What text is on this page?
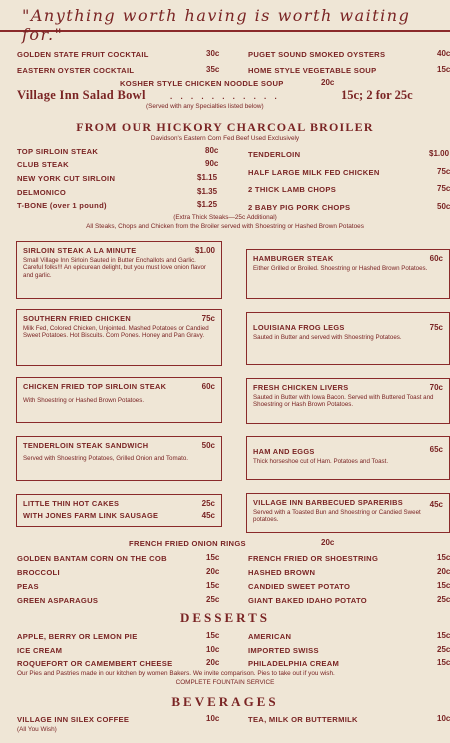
"Anything worth having is worth waiting for."
GOLDEN STATE FRUIT COCKTAIL	30c	PUGET SOUND SMOKED OYSTERS	40c
EASTERN OYSTER COCKTAIL	35c	HOME STYLE VEGETABLE SOUP	15c
KOSHER STYLE CHICKEN NOODLE SOUP	20c
Village Inn Salad Bowl	. . . . . . . . . . .	15c; 2 for 25c
(Served with any Specialties listed below)
FROM OUR HICKORY CHARCOAL BROILER
Davidson's Eastern Corn Fed Beef Used Exclusively
TOP SIRLOIN STEAK	80c
CLUB STEAK	90c
NEW YORK CUT SIRLOIN	$1.15
DELMONICO	$1.35
T-BONE (over 1 pound)	$1.25
TENDERLOIN	$1.00
HALF LARGE MILK FED CHICKEN	75c
2 THICK LAMB CHOPS	75c
2 BABY PIG PORK CHOPS	50c
(Extra Thick Steaks—25c Additional)
All Steaks, Chops and Chicken from the Broiler served with Shoestring or Hashed Brown Potatoes
SIRLOIN STEAK A LA MINUTE	$1.00
Small Village Inn Sirloin Sauted in Butter Enchallots and Garlic. Careful folks!!! An epicurean delight, but you must love onion flavor and garlic.
SOUTHERN FRIED CHICKEN	75c
Milk Fed, Colored Chicken, Unjointed. Mashed Potatoes or Candied Sweet Potatoes. Hot Biscuits. Corn Pones. Honey and Pan Gravy.
CHICKEN FRIED TOP SIRLOIN STEAK	60c
With Shoestring or Hashed Brown Potatoes.
TENDERLOIN STEAK SANDWICH	50c
Served with Shoestring Potatoes, Grilled Onion and Tomato.
LITTLE THIN HOT CAKES	25c
WITH JONES FARM LINK SAUSAGE	45c
HAMBURGER STEAK	60c
Either Grilled or Broiled. Shoestring or Hashed Brown Potatoes.
LOUISIANA FROG LEGS	75c
Sauted in Butter and served with Shoestring Potatoes.
FRESH CHICKEN LIVERS	70c
Sauted in Butter with Iowa Bacon. Served with Buttered Toast and Shoestring or Hash Brown Potatoes.
HAM AND EGGS	65c
Thick horseshoe cut of Ham. Potatoes and Toast.
VILLAGE INN BARBECUED SPARERIBS	45c
Served with a Toasted Bun and Shoestring or Candied Sweet potatoes.
FRENCH FRIED ONION RINGS	20c
GOLDEN BANTAM CORN ON THE COB	15c
BROCCOLI	20c
PEAS	15c
GREEN ASPARAGUS	25c
FRENCH FRIED OR SHOESTRING	15c
HASHED BROWN	20c
CANDIED SWEET POTATO	15c
GIANT BAKED IDAHO POTATO	25c
DESSERTS
APPLE, BERRY OR LEMON PIE	15c
ICE CREAM	10c
ROQUEFORT OR CAMEMBERT CHEESE	20c
AMERICAN	15c
IMPORTED SWISS	25c
PHILADELPHIA CREAM	15c
Our Pies and Pastries made in our kitchen by women Bakers. We invite comparison. Pies to take out if you wish.
COMPLETE FOUNTAIN SERVICE
BEVERAGES
VILLAGE INN SILEX COFFEE	10c
(All You Wish)
TEA, MILK OR BUTTERMILK	10c
